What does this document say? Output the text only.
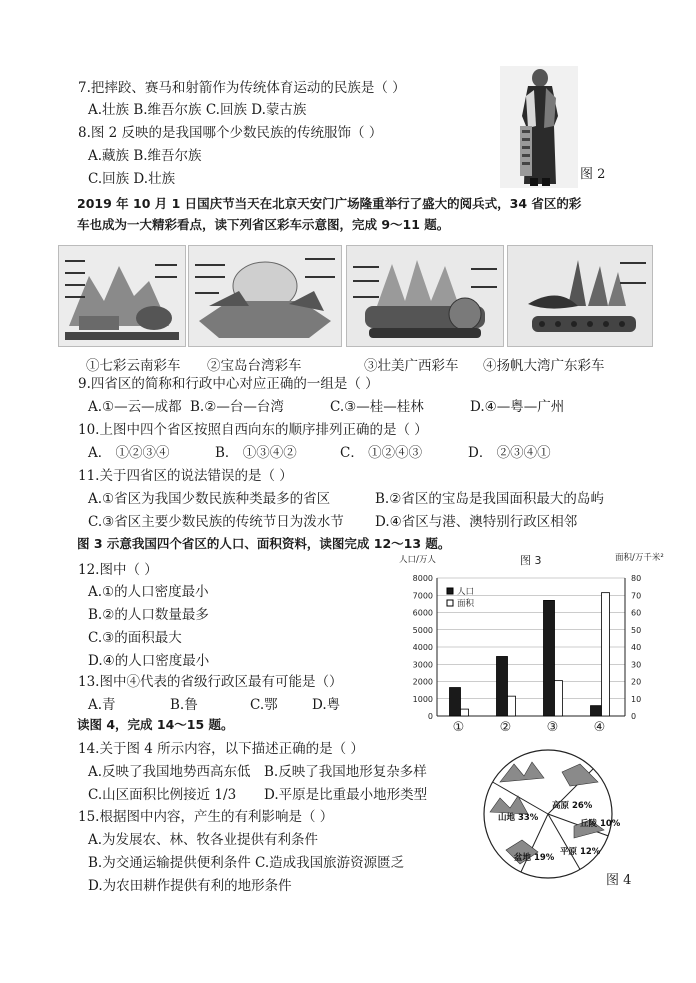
7.把摔跤、赛马和射箭作为传统体育运动的民族是（ ）
A.壮族 B.维吾尔族 C.回族 D.蒙古族
8.图 2 反映的是我国哪个少数民族的传统服饰（ ）
A.藏族 B.维吾尔族
C.回族 D.壮族	图 2
2019 年 10 月 1 日国庆节当天在北京天安门广场隆重举行了盛大的阅兵式，34 省区的彩
车也成为一大精彩看点，读下列省区彩车示意图，完成 9～11 题。
①七彩云南彩车 ②宝岛台湾彩车	③壮美广西彩车 ④扬帆大湾广东彩车
9.四省区的简称和行政中心对应正确的一组是（ ）
A.①—云—成都 B.②—台—台湾	C.③—桂—桂林	D.④—粤—广州
10.上图中四个省区按照自西向东的顺序排列正确的是（ ）
A． ①②③④	B． ①③④②	C． ①②④③	D． ②③④①
11.关于四省区的说法错误的是（ ）
A.①省区为我国少数民族种类最多的省区	B.②省区的宝岛是我国面积最大的岛屿
C.③省区主要少数民族的传统节日为泼水节 D.④省区与港、澳特别行政区相邻
图 3 示意我国四个省区的人口、面积资料，读图完成 12～13 题。
12.图中（ ）
A.①的人口密度最小
B.②的人口数量最多
C.③的面积最大
D.④的人口密度最小
13.图中④代表的省级行政区最有可能是（）
A.青	B.鲁	C.鄂	D.粤
读图 4，完成 14～15 题。
14.关于图 4 所示内容，以下描述正确的是（ ）
A.反映了我国地势西高东低 B.反映了我国地形复杂多样
C.山区面积比例接近 1/3 D.平原是比重最小地形类型
15.根据图中内容，产生的有利影响是（ ）
A.为发展农、林、牧各业提供有利条件
B.为交通运输提供便利条件 C.造成我国旅游资源匮乏
D.为农田耕作提供有利的地形条件
人口/万人	图 3	面积/万千米²
0
1000
2000
3000
4000
5000
6000
7000
8000
0
10
20
30
40
50
60
70
80
①	②	③	④
人口
面积
高原 26%
丘陵 10%
平原 12%
盆地 19%
山地 33%
图 4
